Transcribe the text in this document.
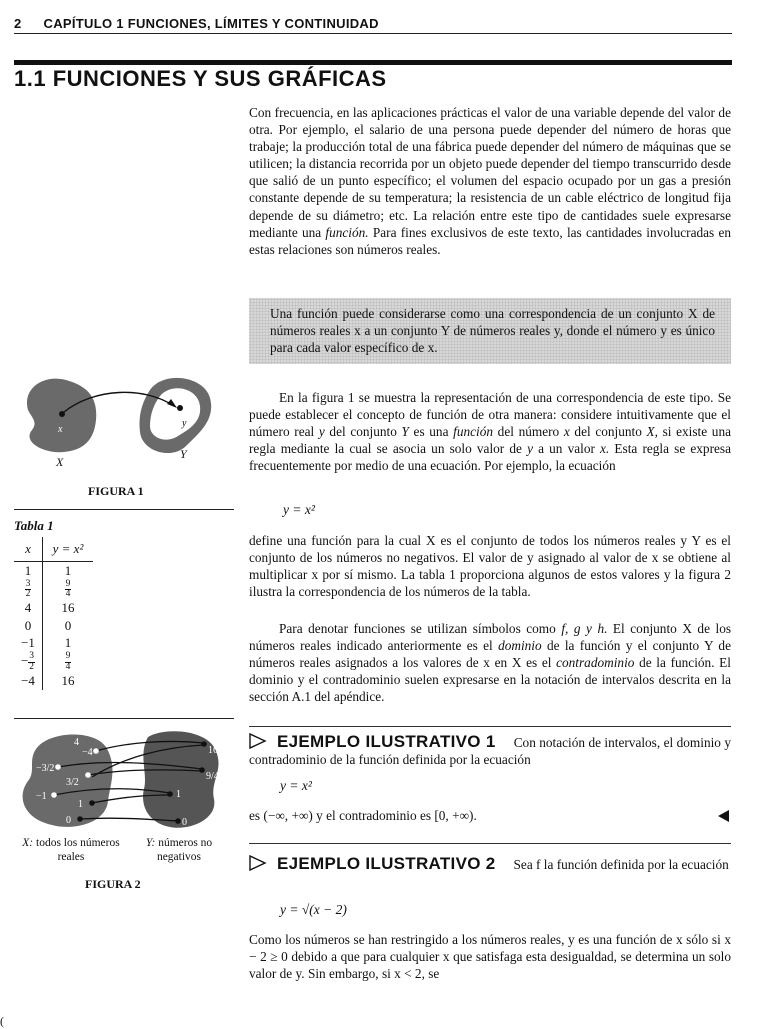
2 CAPÍTULO 1 FUNCIONES, LÍMITES Y CONTINUIDAD
1.1 FUNCIONES Y SUS GRÁFICAS
Con frecuencia, en las aplicaciones prácticas el valor de una variable depende del valor de otra. Por ejemplo, el salario de una persona puede depender del número de horas que trabaje; la producción total de una fábrica puede depender del número de máquinas que se utilicen; la distancia recorrida por un objeto puede depender del tiempo transcurrido desde que salió de un punto específico; el volumen del espacio ocupado por un gas a presión constante depende de su temperatura; la resistencia de un cable eléctrico de longitud fija depende de su diámetro; etc. La relación entre este tipo de cantidades suele expresarse mediante una función. Para fines exclusivos de este texto, las cantidades involucradas en estas relaciones son números reales.
Una función puede considerarse como una correspondencia de un conjunto X de números reales x a un conjunto Y de números reales y, donde el número y es único para cada valor específico de x.
x
y
X
Y
FIGURA 1
En la figura 1 se muestra la representación de una correspondencia de este tipo. Se puede establecer el concepto de función de otra manera: considere intuitivamente que el número real y del conjunto Y es una función del número x del conjunto X, si existe una regla mediante la cual se asocia un solo valor de y a un valor x. Esta regla se expresa frecuentemente por medio de una ecuación. Por ejemplo, la ecuación
y = x²
define una función para la cual X es el conjunto de todos los números reales y Y es el conjunto de los números no negativos. El valor de y asignado al valor de x se obtiene al multiplicar x por sí mismo. La tabla 1 proporciona algunos de estos valores y la figura 2 ilustra la correspondencia de los números de la tabla.
Para denotar funciones se utilizan símbolos como f, g y h. El conjunto X de los números reales indicado anteriormente es el dominio de la función y el conjunto Y de números reales asignados a los valores de x en X es el contradominio de la función. El dominio y el contradominio suelen expresarse en la notación de intervalos descrita en la sección A.1 del apéndice.
Tabla 1
x	y = x²
1	1

$\frac{3}{2}$	$\frac{9}{4}$

4	16
0	0
−1	1
− $\frac{3}{2}$	$\frac{9}{4}$

−4	16
−4
−3/2
3/2
−1
1
0
4
16
9/4
1
0
X: todos los números reales
Y: números no negativos
FIGURA 2
EJEMPLO ILUSTRATIVO 1 Con notación de intervalos, el dominio y contradominio de la función definida por la ecuación
y = x²
es (−∞, +∞) y el contradominio es [0, +∞).
EJEMPLO ILUSTRATIVO 2 Sea f la función definida por la ecuación
y = √(x − 2)
Como los números se han restringido a los números reales, y es una función de x sólo si x − 2 ≥ 0 debido a que para cualquier x que satisfaga esta desigualdad, se determina un solo valor de y. Sin embargo, si x < 2, se
(
